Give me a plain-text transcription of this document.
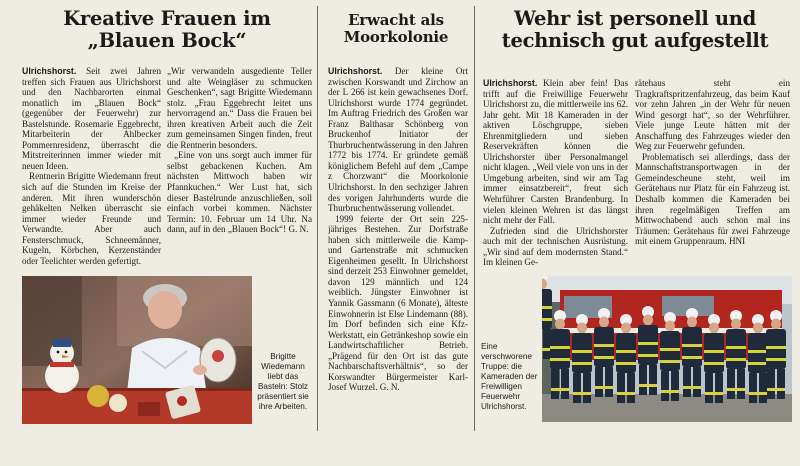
Kreative Frauen im
„Blauen Bock“

Ulrichshorst. Seit zwei Jahren treffen sich Frauen aus Ulrichshorst und den Nachbarorten einmal monatlich im „Blauen Bock“ (gegenüber der Feuerwehr) zur Bastelstunde. Rosemarie Eggebrecht, Mitarbeiterin der Ahlbecker Pommernresidenz, überrascht die Mitstreiterinnen immer wieder mit neuen Ideen.

Rentnerin Brigitte Wiedemann freut sich auf die Stunden im Kreise der anderen. Mit ihren wunderschön gehäkelten Nelken überrascht sie immer wieder Freunde und Verwandte. Aber auch Fensterschmuck, Schneemänner, Kugeln, Körbchen, Kerzenständer oder Teelichter werden gefertigt.

„Wir verwandeln ausgediente Teller und alte Weingläser zu schmucken Geschenken“, sagt Brigitte Wiedemann stolz. „Frau Eggebrecht leitet uns hervorragend an.“ Dass die Frauen bei ihren kreativen Arbeit auch die Zeit zum gemeinsamen Singen finden, freut die Rentnerin besonders.

„Eine von uns sorgt auch immer für selbst gebackenen Kuchen. Am nächsten Mittwoch haben wir Pfannkuchen.“ Wer Lust hat, sich dieser Bastelrunde anzuschließen, soll einfach vorbei kommen. Nächster Termin: 10. Februar um 14 Uhr. Na dann, auf in den „Blauen Bock“! G. N.

Brigitte Wiedemann liebt das Basteln: Stolz präsentiert sie ihre Arbeiten.
Erwacht als
Moorkolonie

Ulrichshorst. Der kleine Ort zwischen Korswandt und Zirchow an der L 266 ist kein gewachsenes Dorf. Ulrichshorst wurde 1774 gegründet. Im Auftrag Friedrich des Großen war Franz Balthasar Schönberg von Bruckenhof Initiator der Thurbruchentwässerung in den Jahren 1772 bis 1774. Er gründete gemäß königlichem Befehl auf dem „Campe z Chorzwant“ die Moorkolonie Ulrichshorst. In den sechziger Jahren des vorigen Jahrhunderts wurde die Thurbruchentwässerung vollendet.

1999 feierte der Ort sein 225-jähriges Bestehen. Zur Dorfstraße haben sich mittlerweile die Kamp- und Gartenstraße mit schmucken Eigenheimen gesellt. In Ulrichshorst sind derzeit 253 Einwohner gemeldet, davon 129 männlich und 124 weiblich. Jüngster Einwohner ist Yannik Gassmann (6 Monate), älteste Einwohnerin ist Else Lindemann (88). Im Dorf befinden sich eine Kfz-Werkstatt, ein Getränkeshop sowie ein Landwirtschaftlicher Betrieb. „Prägend für den Ort ist das gute Nachbarschaftsverhältnis“, so der Korswandter Bürgermeister Karl-Josef Wurzel. G. N.

Wehr ist personell und
technisch gut aufgestellt

Ulrichshorst. Klein aber fein! Das trifft auf die Freiwillige Feuerwehr Ulrichshorst zu, die mittlerweile ins 62. Jahr geht. Mit 18 Kameraden in der aktiven Löschgruppe, sieben Ehrenmitgliedern und sieben Reservekräften können die Ulrichshorster über Personalmangel nicht klagen. „Weil viele von uns in der Umgebung arbeiten, sind wir am Tag immer einsatzbereit“, freut sich Wehrführer Carsten Brandenburg. In vielen kleinen Wehren ist das längst nicht mehr der Fall.

Zufrieden sind die Ulrichshorster auch mit der technischen Ausrüstung. „Wir sind auf dem modernsten Stand.“ Im kleinen Ge-

rätehaus steht ein Tragkraftspritzenfahrzeug, das beim Kauf vor zehn Jahren „in der Wehr für neuen Wind gesorgt hat“, so der Wehrführer. Viele junge Leute hätten mit der Anschaffung des Fahrzeuges wieder den Weg zur Feuerwehr gefunden.

Problematisch sei allerdings, dass der Mannschaftstransportwagen in der Gemeindescheune steht, weil im Gerätehaus nur Platz für ein Fahrzeug ist. Deshalb kommen die Kameraden bei ihren regelmäßigen Treffen am Mittwochabend auch schon mal ins Träumen: Gerätehaus für zwei Fahrzeuge mit einem Gruppenraum. HNI

Eine verschworene Truppe: die Kameraden der Freiwilligen Feuerwehr Ulrichshorst.
